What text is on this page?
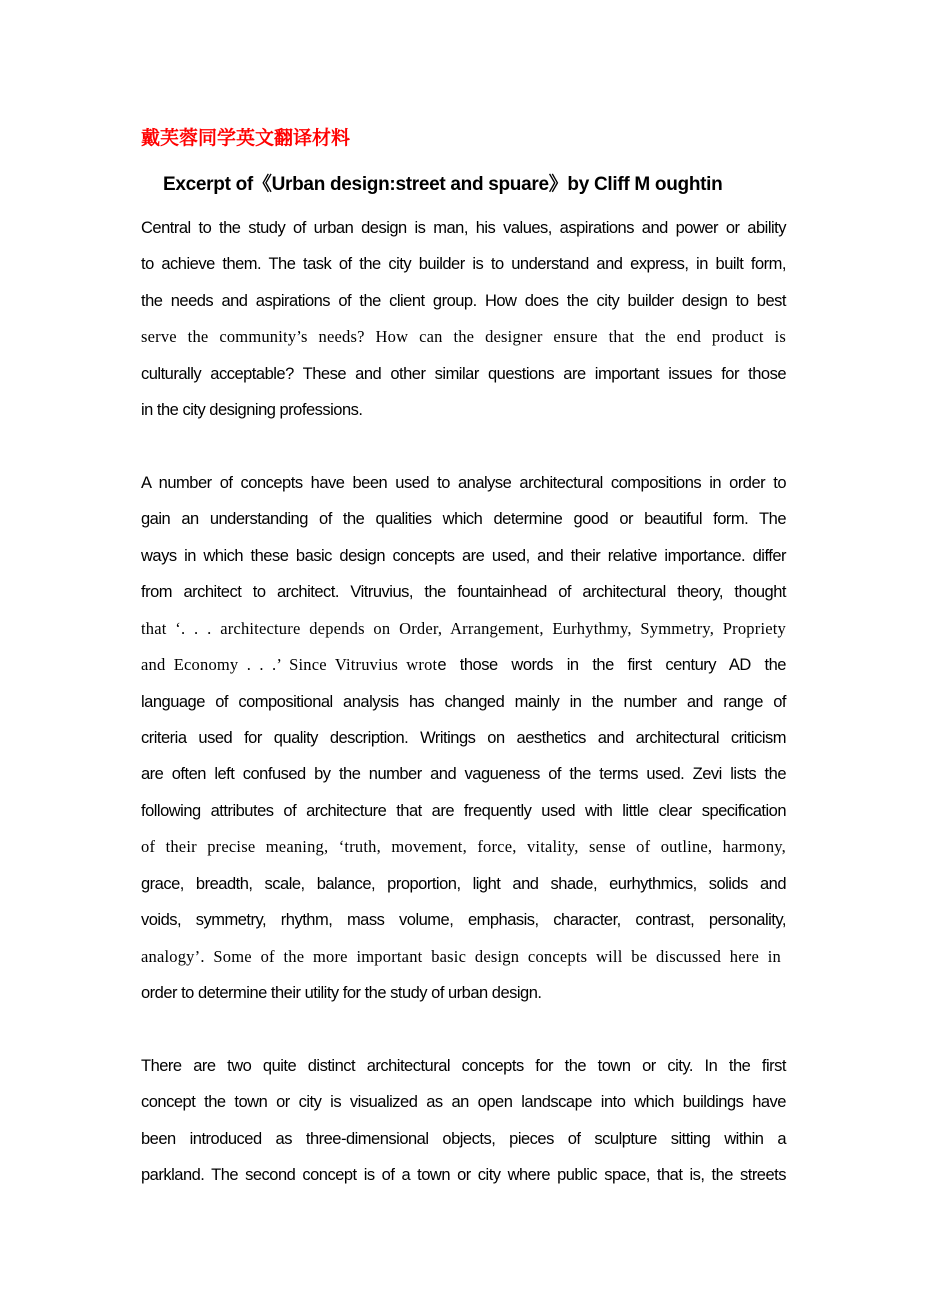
戴芙蓉同学英文翻译材料
Excerpt of《Urban design:street and spuare》by Cliff M oughtin
Central to the study of urban design is man, his values, aspirations and power or ability
to achieve them. The task of the city builder is to understand and express, in built form,
the needs and aspirations of the client group. How does the city builder design to best
serve the community’s needs? How can the designer ensure that the end product is
culturally acceptable? These and other similar questions are important issues for those
in the city designing professions.
A number of concepts have been used to analyse architectural compositions in order to
gain an understanding of the qualities which determine good or beautiful form. The
ways in which these basic design concepts are used, and their relative importance. differ
from architect to architect. Vitruvius, the fountainhead of architectural theory, thought
that ‘. . . architecture depends on Order, Arrangement, Eurhythmy, Symmetry, Propriety
and Economy . . .’ Since Vitruvius wrot e those words in the first century AD the
language of compositional analysis has changed mainly in the number and range of
criteria used for quality description. Writings on aesthetics and architectural criticism
are often left confused by the number and vagueness of the terms used. Zevi lists the
following attributes of architecture that are frequently used with little clear specification
of their precise meaning, ‘truth, movement, force, vitality, sense of outline, harmony,
grace, breadth, scale, balance, proportion, light and shade, eurhythmics, solids and
voids, symmetry, rhythm, mass volume, emphasis, character, contrast, personality,
analogy’. Some of the more important basic design concepts will be discussed here in
order to determine their utility for the study of urban design.
There are two quite distinct architectural concepts for the town or city. In the first
concept the town or city is visualized as an open landscape into which buildings have
been introduced as three-dimensional objects, pieces of sculpture sitting within a
parkland. The second concept is of a town or city where public space, that is, the streets
